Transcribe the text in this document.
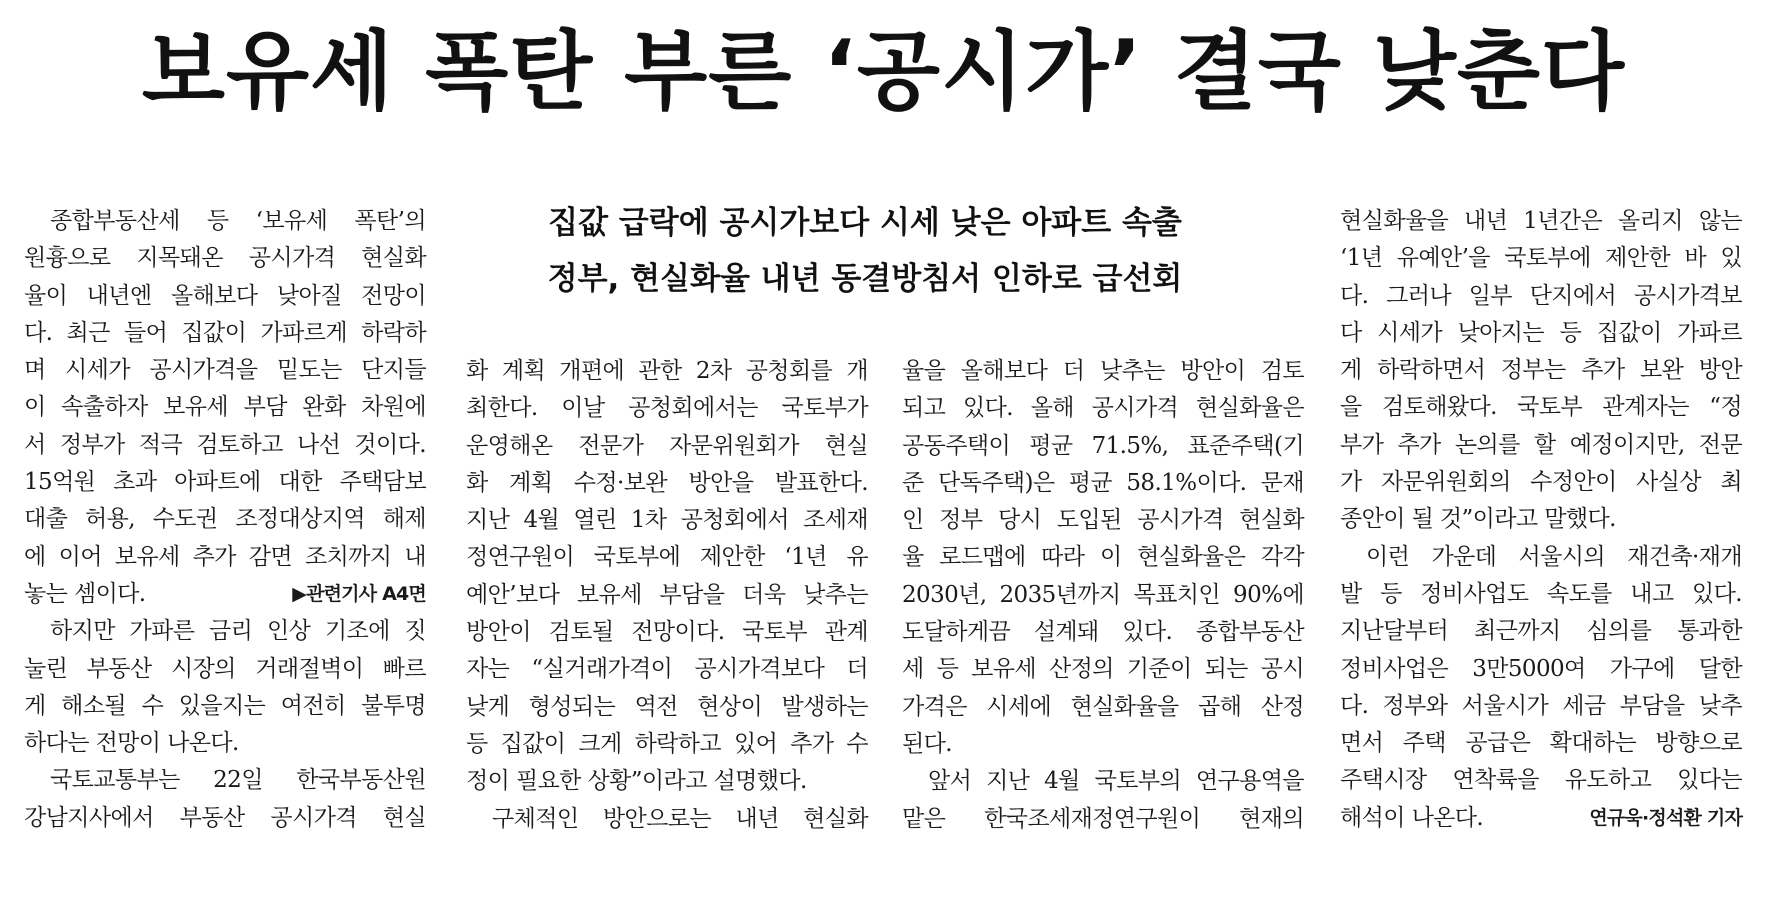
보유세 폭탄 부른 ‘공시가’ 결국 낮춘다
집값 급락에 공시가보다 시세 낮은 아파트 속출
정부, 현실화율 내년 동결방침서 인하로 급선회
종합부동산세 등 ‘보유세 폭탄’의
원흉으로 지목돼온 공시가격 현실화
율이 내년엔 올해보다 낮아질 전망이
다. 최근 들어 집값이 가파르게 하락하
며 시세가 공시가격을 밑도는 단지들
이 속출하자 보유세 부담 완화 차원에
서 정부가 적극 검토하고 나선 것이다.
15억원 초과 아파트에 대한 주택담보
대출 허용, 수도권 조정대상지역 해제
에 이어 보유세 추가 감면 조치까지 내
놓는 셈이다.	▶관련기사 A4면
하지만 가파른 금리 인상 기조에 짓
눌린 부동산 시장의 거래절벽이 빠르
게 해소될 수 있을지는 여전히 불투명
하다는 전망이 나온다.
국토교통부는 22일 한국부동산원
강남지사에서 부동산 공시가격 현실
화 계획 개편에 관한 2차 공청회를 개
최한다. 이날 공청회에서는 국토부가
운영해온 전문가 자문위원회가 현실
화 계획 수정·보완 방안을 발표한다.
지난 4월 열린 1차 공청회에서 조세재
정연구원이 국토부에 제안한 ‘1년 유
예안’보다 보유세 부담을 더욱 낮추는
방안이 검토될 전망이다. 국토부 관계
자는 “실거래가격이 공시가격보다 더
낮게 형성되는 역전 현상이 발생하는
등 집값이 크게 하락하고 있어 추가 수
정이 필요한 상황”이라고 설명했다.
구체적인 방안으로는 내년 현실화
율을 올해보다 더 낮추는 방안이 검토
되고 있다. 올해 공시가격 현실화율은
공동주택이 평균 71.5%, 표준주택(기
준 단독주택)은 평균 58.1%이다. 문재
인 정부 당시 도입된 공시가격 현실화
율 로드맵에 따라 이 현실화율은 각각
2030년, 2035년까지 목표치인 90%에
도달하게끔 설계돼 있다. 종합부동산
세 등 보유세 산정의 기준이 되는 공시
가격은 시세에 현실화율을 곱해 산정
된다.
앞서 지난 4월 국토부의 연구용역을
맡은 한국조세재정연구원이 현재의
현실화율을 내년 1년간은 올리지 않는
‘1년 유예안’을 국토부에 제안한 바 있
다. 그러나 일부 단지에서 공시가격보
다 시세가 낮아지는 등 집값이 가파르
게 하락하면서 정부는 추가 보완 방안
을 검토해왔다. 국토부 관계자는 “정
부가 추가 논의를 할 예정이지만, 전문
가 자문위원회의 수정안이 사실상 최
종안이 될 것”이라고 말했다.
이런 가운데 서울시의 재건축·재개
발 등 정비사업도 속도를 내고 있다.
지난달부터 최근까지 심의를 통과한
정비사업은 3만5000여 가구에 달한
다. 정부와 서울시가 세금 부담을 낮추
면서 주택 공급은 확대하는 방향으로
주택시장 연착륙을 유도하고 있다는
해석이 나온다.	연규욱·정석환 기자
